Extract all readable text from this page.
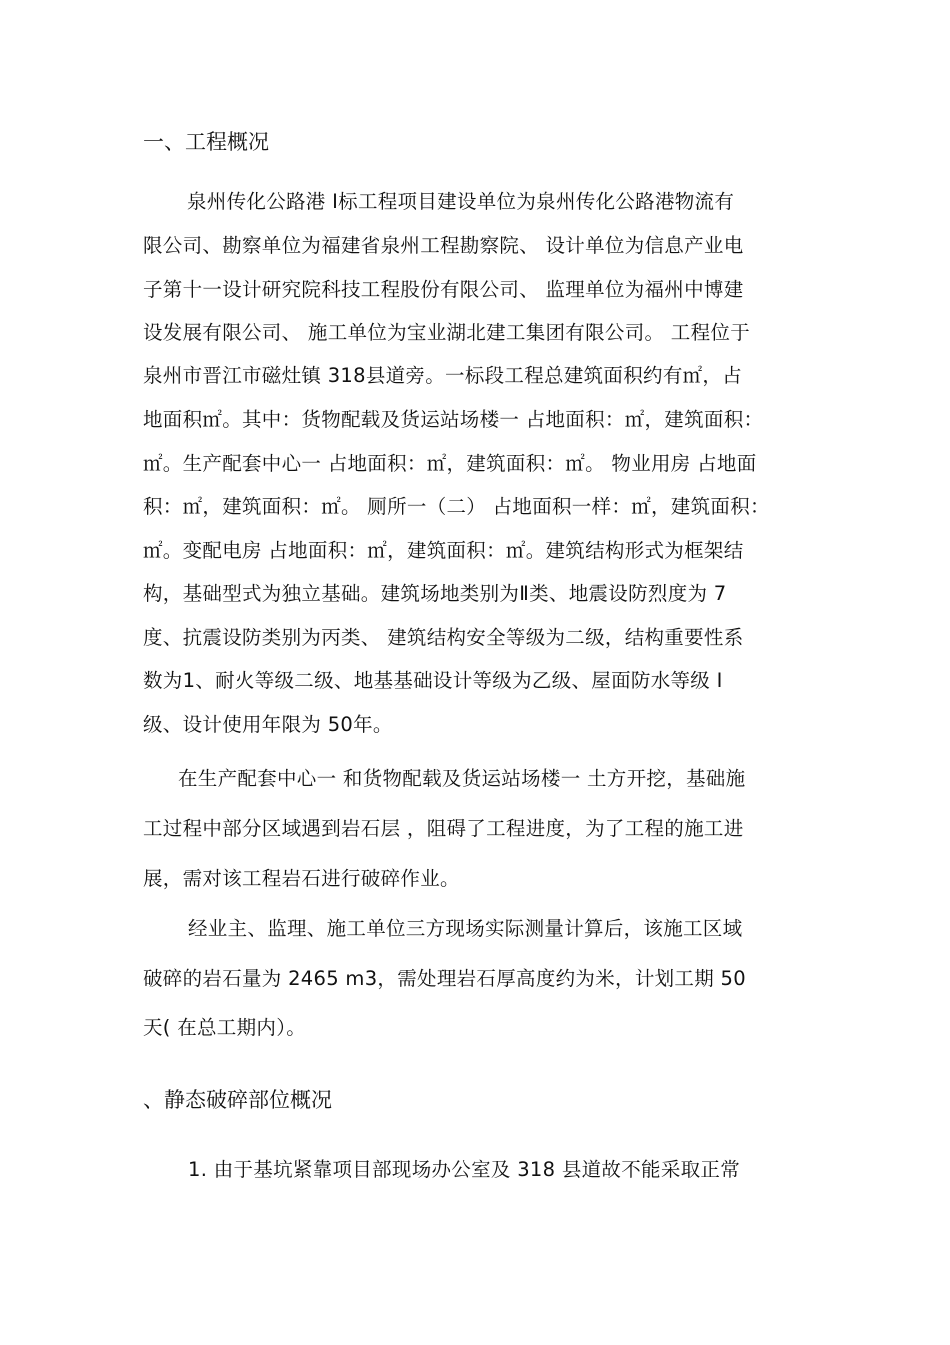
一、工程概况
泉州传化公路港 Ⅰ标工程项目建设单位为泉州传化公路港物流有
限公司、勘察单位为福建省泉州工程勘察院、 设计单位为信息产业电
子第十一设计研究院科技工程股份有限公司、 监理单位为福州中博建
设发展有限公司、 施工单位为宝业湖北建工集团有限公司。 工程位于
泉州市晋江市磁灶镇 318县道旁。一标段工程总建筑面积约有㎡，占
地面积㎡。其中：货物配载及货运站场楼一 占地面积：㎡，建筑面积：
㎡。生产配套中心一 占地面积：㎡，建筑面积：㎡。 物业用房 占地面
积：㎡，建筑面积：㎡。 厕所一（二） 占地面积一样：㎡，建筑面积：
㎡。变配电房 占地面积：㎡，建筑面积：㎡。建筑结构形式为框架结
构，基础型式为独立基础。建筑场地类别为Ⅱ类、地震设防烈度为 7
度、抗震设防类别为丙类、 建筑结构安全等级为二级，结构重要性系
数为1、耐火等级二级、地基基础设计等级为乙级、屋面防水等级 Ⅰ
级、设计使用年限为 50年。
在生产配套中心一 和货物配载及货运站场楼一 土方开挖，基础施
工过程中部分区域遇到岩石层 ，阻碍了工程进度，为了工程的施工进
展，需对该工程岩石进行破碎作业。
经业主、监理、施工单位三方现场实际测量计算后，该施工区域
破碎的岩石量为 2465 m3，需处理岩石厚高度约为米，计划工期 50
天( 在总工期内）。
、静态破碎部位概况
1. 由于基坑紧靠项目部现场办公室及 318 县道故不能采取正常
